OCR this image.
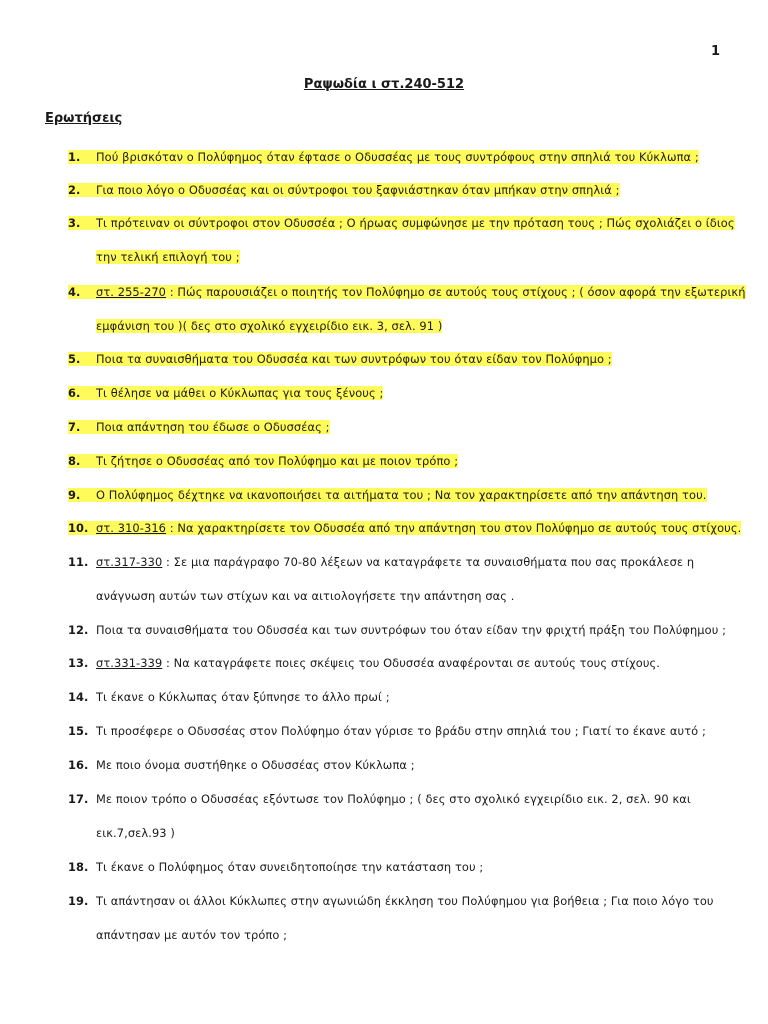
1
Ραψωδία ι στ.240-512
Ερωτήσεις
1. Πού βρισκόταν ο Πολύφημος όταν έφτασε ο Οδυσσέας με τους συντρόφους στην σπηλιά του Κύκλωπα ;
2. Για ποιο λόγο ο Οδυσσέας και οι σύντροφοι του ξαφνιάστηκαν όταν μπήκαν στην σπηλιά ;
3. Τι πρότειναν οι σύντροφοι στον Οδυσσέα ; Ο ήρωας συμφώνησε με την πρόταση τους ; Πώς σχολιάζει ο ίδιος
την τελική επιλογή του ;
4. στ. 255-270 : Πώς παρουσιάζει ο ποιητής τον Πολύφημο σε αυτούς τους στίχους ; ( όσον αφορά την εξωτερική
εμφάνιση του )( δες στο σχολικό εγχειρίδιο εικ. 3, σελ. 91 )
5. Ποια τα συναισθήματα του Οδυσσέα και των συντρόφων του όταν είδαν τον Πολύφημο ;
6. Τι θέλησε να μάθει ο Κύκλωπας για τους ξένους ;
7. Ποια απάντηση του έδωσε ο Οδυσσέας ;
8. Τι ζήτησε ο Οδυσσέας από τον Πολύφημο και με ποιον τρόπο ;
9. Ο Πολύφημος δέχτηκε να ικανοποιήσει τα αιτήματα του ; Να τον χαρακτηρίσετε από την απάντηση του.
10. στ. 310-316 : Να χαρακτηρίσετε τον Οδυσσέα από την απάντηση του στον Πολύφημο σε αυτούς τους στίχους.
11. στ.317-330 : Σε μια παράγραφο 70-80 λέξεων να καταγράφετε τα συναισθήματα που σας προκάλεσε η
ανάγνωση αυτών των στίχων και να αιτιολογήσετε την απάντηση σας .
12. Ποια τα συναισθήματα του Οδυσσέα και των συντρόφων του όταν είδαν την φριχτή πράξη του Πολύφημου ;
13. στ.331-339 : Να καταγράφετε ποιες σκέψεις του Οδυσσέα αναφέρονται σε αυτούς τους στίχους.
14. Τι έκανε ο Κύκλωπας όταν ξύπνησε το άλλο πρωί ;
15. Τι προσέφερε ο Οδυσσέας στον Πολύφημο όταν γύρισε το βράδυ στην σπηλιά του ; Γιατί το έκανε αυτό ;
16. Με ποιο όνομα συστήθηκε ο Οδυσσέας στον Κύκλωπα ;
17. Με ποιον τρόπο ο Οδυσσέας εξόντωσε τον Πολύφημο ; ( δες στο σχολικό εγχειρίδιο εικ. 2, σελ. 90 και
εικ.7,σελ.93 )
18. Τι έκανε ο Πολύφημος όταν συνειδητοποίησε την κατάσταση του ;
19. Τι απάντησαν οι άλλοι Κύκλωπες στην αγωνιώδη έκκληση του Πολύφημου για βοήθεια ; Για ποιο λόγο του
απάντησαν με αυτόν τον τρόπο ;
